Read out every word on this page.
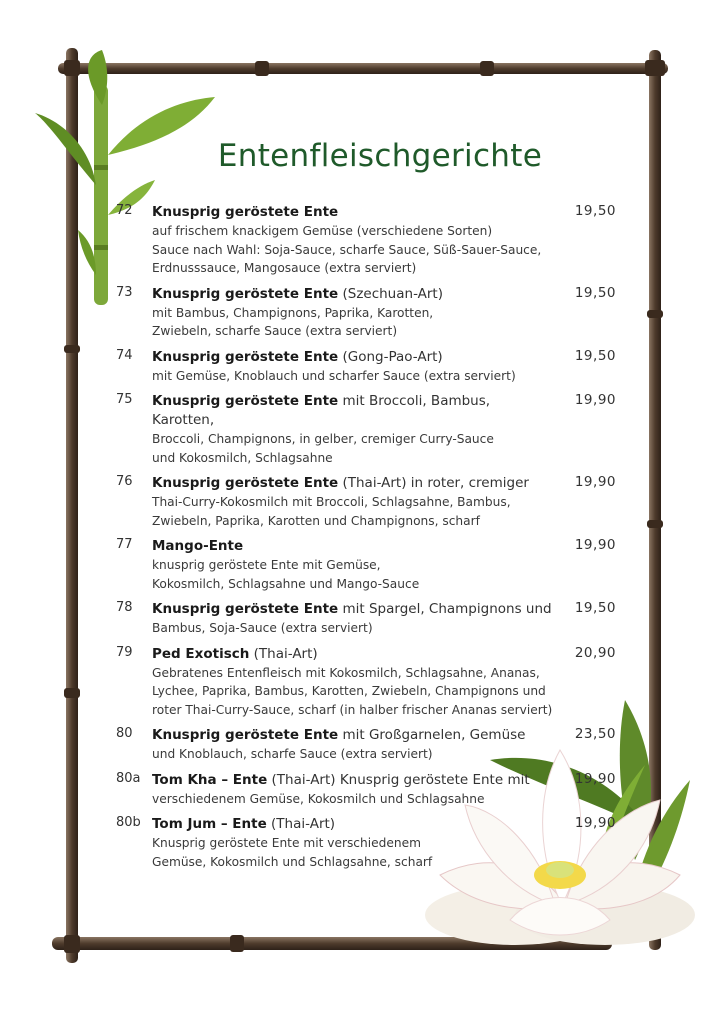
Entenfleischgerichte
72	19,50
Knusprig geröstete Ente
auf frischem knackigem Gemüse (verschiedene Sorten)
Sauce nach Wahl: Soja-Sauce, scharfe Sauce, Süß-Sauer-Sauce,
Erdnusssauce, Mangosauce (extra serviert)
73	19,50
Knusprig geröstete Ente (Szechuan-Art)
mit Bambus, Champignons, Paprika, Karotten,
Zwiebeln, scharfe Sauce (extra serviert)
74	19,50
Knusprig geröstete Ente (Gong-Pao-Art)
mit Gemüse, Knoblauch und scharfer Sauce (extra serviert)
75	19,90
Knusprig geröstete Ente mit Broccoli, Bambus, Karotten,
Broccoli, Champignons, in gelber, cremiger Curry-Sauce
und Kokosmilch, Schlagsahne
76	19,90
Knusprig geröstete Ente (Thai-Art) in roter, cremiger
Thai-Curry-Kokosmilch mit Broccoli, Schlagsahne, Bambus,
Zwiebeln, Paprika, Karotten und Champignons, scharf
77	19,90
Mango-Ente
knusprig geröstete Ente mit Gemüse,
Kokosmilch, Schlagsahne und Mango-Sauce
78	19,50
Knusprig geröstete Ente mit Spargel, Champignons und
Bambus, Soja-Sauce (extra serviert)
79	20,90
Ped Exotisch (Thai-Art)
Gebratenes Entenfleisch mit Kokosmilch, Schlagsahne, Ananas,
Lychee, Paprika, Bambus, Karotten, Zwiebeln, Champignons und
roter Thai-Curry-Sauce, scharf (in halber frischer Ananas serviert)
80	23,50
Knusprig geröstete Ente mit Großgarnelen, Gemüse
und Knoblauch, scharfe Sauce (extra serviert)
80a	19,90
Tom Kha – Ente (Thai-Art) Knusprig geröstete Ente mit
verschiedenem Gemüse, Kokosmilch und Schlagsahne
80b	19,90
Tom Jum – Ente (Thai-Art)
Knusprig geröstete Ente mit verschiedenem
Gemüse, Kokosmilch und Schlagsahne, scharf
